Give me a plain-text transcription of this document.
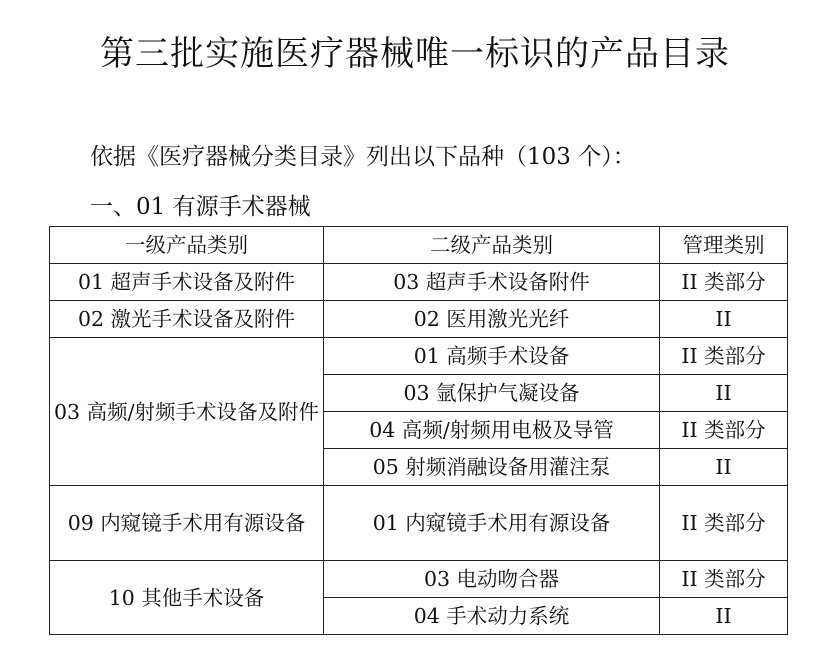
第三批实施医疗器械唯一标识的产品目录
依据《医疗器械分类目录》列出以下品种（103 个）：
一、01 有源手术器械
一级产品类别	二级产品类别	管理类别
01 超声手术设备及附件	03 超声手术设备附件	II 类部分
02 激光手术设备及附件	02 医用激光光纤	II
03 高频/射频手术设备及附件	01 高频手术设备	II 类部分
	03 氩保护气凝设备	II
	04 高频/射频用电极及导管	II 类部分
	05 射频消融设备用灌注泵	II
09 内窥镜手术用有源设备	01 内窥镜手术用有源设备	II 类部分
10 其他手术设备	03 电动吻合器	II 类部分
	04 手术动力系统	II
